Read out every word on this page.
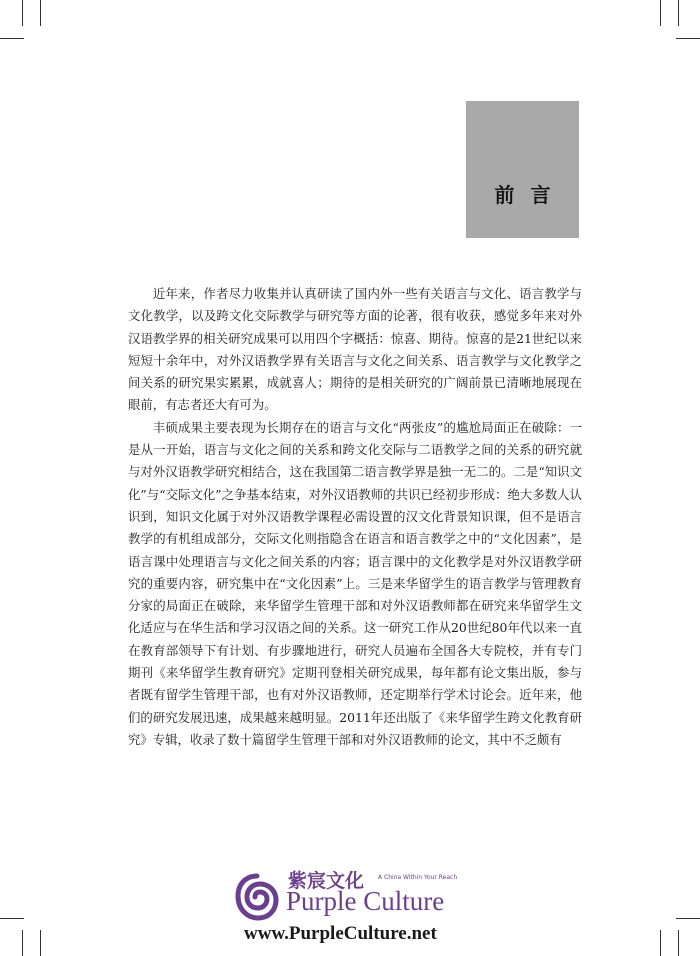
前言

近年来，作者尽力收集并认真研读了国内外一些有关语言与文化、语言教学与文化教学，以及跨文化交际教学与研究等方面的论著，很有收获，感觉多年来对外汉语教学界的相关研究成果可以用四个字概括：惊喜、期待。惊喜的是21世纪以来短短十余年中，对外汉语教学界有关语言与文化之间关系、语言教学与文化教学之间关系的研究果实累累，成就喜人；期待的是相关研究的广阔前景已清晰地展现在眼前，有志者还大有可为。

丰硕成果主要表现为长期存在的语言与文化“两张皮”的尴尬局面正在破除：一是从一开始，语言与文化之间的关系和跨文化交际与二语教学之间的关系的研究就与对外汉语教学研究相结合，这在我国第二语言教学界是独一无二的。二是“知识文化”与“交际文化”之争基本结束，对外汉语教师的共识已经初步形成：绝大多数人认识到，知识文化属于对外汉语教学课程必需设置的汉文化背景知识课，但不是语言教学的有机组成部分，交际文化则指隐含在语言和语言教学之中的“文化因素”，是语言课中处理语言与文化之间关系的内容；语言课中的文化教学是对外汉语教学研究的重要内容，研究集中在“文化因素”上。三是来华留学生的语言教学与管理教育分家的局面正在破除，来华留学生管理干部和对外汉语教师都在研究来华留学生文化适应与在华生活和学习汉语之间的关系。这一研究工作从20世纪80年代以来一直在教育部领导下有计划、有步骤地进行，研究人员遍布全国各大专院校，并有专门期刊《来华留学生教育研究》定期刊登相关研究成果，每年都有论文集出版，参与者既有留学生管理干部，也有对外汉语教师，还定期举行学术讨论会。近年来，他们的研究发展迅速，成果越来越明显。2011年还出版了《来华留学生跨文化教育研究》专辑，收录了数十篇留学生管理干部和对外汉语教师的论文，其中不乏颇有

紫宸文化 A China Within Your Reach
Purple Culture
www.PurpleCulture.net
